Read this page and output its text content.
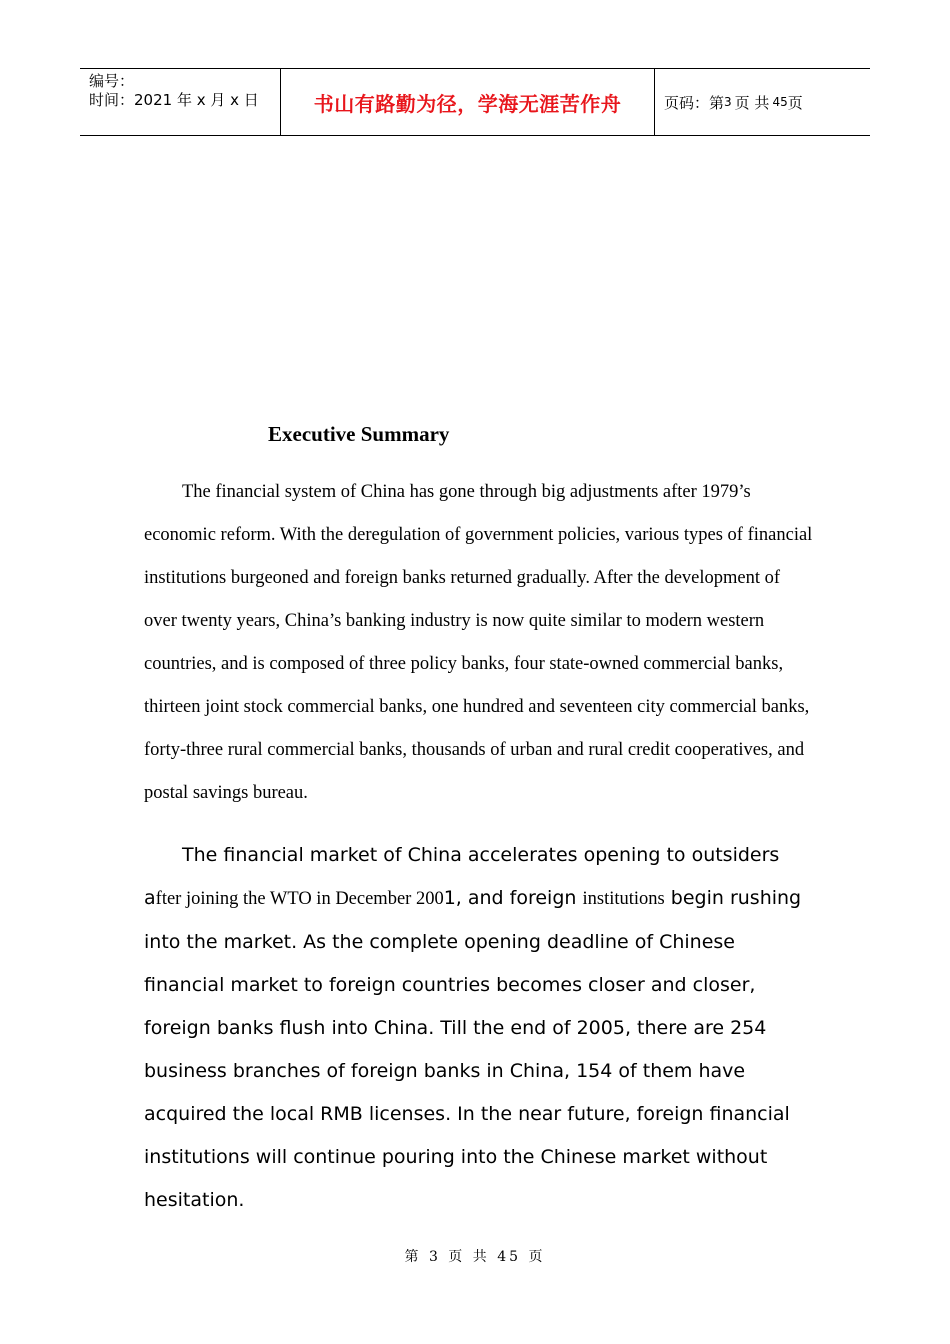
编号：
时间：2021 年 x 月 x 日	书山有路勤为径，学海无涯苦作舟	页码：第 3 页 共 45 页
Executive Summary

The financial system of China has gone through big adjustments after 1979’s economic reform. With the deregulation of government policies, various types of financial institutions burgeoned and foreign banks returned gradually. After the development of over twenty years, China’s banking industry is now quite similar to modern western countries, and is composed of three policy banks, four state-owned commercial banks, thirteen joint stock commercial banks, one hundred and seventeen city commercial banks, forty-three rural commercial banks, thousands of urban and rural credit cooperatives, and postal savings bureau.

The financial market of China accelerates opening to outsiders after joining the WTO in December 2001, and foreign institutions begin rushing into the market. As the complete opening deadline of Chinese financial market to foreign countries becomes closer and closer, foreign banks flush into China. Till the end of 2005, there are 254 business branches of foreign banks in China, 154 of them have acquired the local RMB licenses. In the near future, foreign financial institutions will continue pouring into the Chinese market without hesitation.

第 3 页 共 45 页
